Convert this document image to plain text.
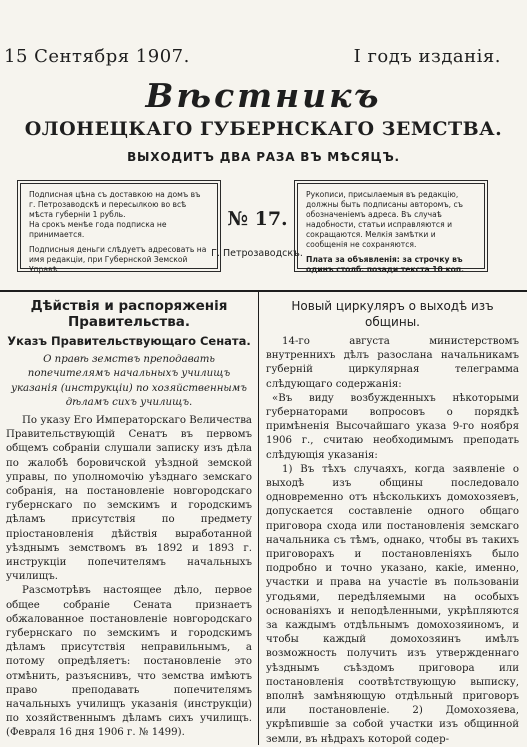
15 Сентября 1907.	I годъ изданія.
Вѣстникъ
ОЛОНЕЦКАГО ГУБЕРНСКАГО ЗЕМСТВА.
ВЫХОДИТЪ ДВА РАЗА ВЪ МѢСЯЦЪ.

Подписная цѣна съ доставкою на домъ въ г. Петрозаводскѣ и пересылкою во всѣ мѣста губерніи 1 рубль.

На срокъ менѣе года подписка не принимается.

Подписныя деньги слѣдуетъ адресовать на имя редакціи, при Губернской Земской Управѣ.

№ 17.
Г. Петрозаводскъ.

Рукописи, присылаемыя въ редакцію, должны быть подписаны авторомъ, съ обозначеніемъ адреса. Въ случаѣ надобности, статьи исправляются и сокращаются. Мелкія замѣтки и сообщенія не сохраняются.

Плата за объявленія: за строчку въ одинъ столб. позади текста 10 коп.

Дѣйствія и распоряженія Правительства.
Указъ Правительствующаго Сената.

О правѣ земствъ преподавать попечителямъ начальныхъ училищъ указанія (инструкціи) по хозяйственнымъ дѣламъ сихъ училищъ.

По указу Его Императорскаго Величества Правительствующій Сенатъ въ первомъ общемъ собраніи слушали записку изъ дѣла по жалобѣ боровичской уѣздной земской управы, по уполномочію уѣзднаго земскаго собранія, на постановленіе новгородскаго губернскаго по земскимъ и городскимъ дѣламъ присутствія по предмету пріостановленія дѣйствія выработанной уѣзднымъ земствомъ въ 1892 и 1893 г. инструкціи попечителямъ начальныхъ училищъ.

Разсмотрѣвъ настоящее дѣло, первое общее собраніе Сената признаетъ обжалованное постановленіе новгородскаго губернскаго по земскимъ и городскимъ дѣламъ присутствія неправильнымъ, а потому опредѣляетъ: постановленіе это отмѣнить, разъяснивъ, что земства имѣютъ право преподавать попечителямъ начальныхъ училищъ указанія (инструкціи) по хозяйственнымъ дѣламъ сихъ училищъ. (Февраля 16 дня 1906 г. № 1499).

Новый циркуляръ о выходѣ изъ общины.

14-го августа министерствомъ внутреннихъ дѣлъ разослана начальникамъ губерній циркулярная телеграмма слѣдующаго содержанія:

«Въ виду возбужденныхъ нѣкоторыми губернаторами вопросовъ о порядкѣ примѣненія Высочайшаго указа 9-го ноября 1906 г., считаю необходимымъ преподать слѣдующія указанія:

1) Въ тѣхъ случаяхъ, когда заявленіе о выходѣ изъ общины последовало одновременно отъ нѣсколькихъ домохозяевъ, допускается составленіе одного общаго приговора схода или постановленія земскаго начальника съ тѣмъ, однако, чтобы въ такихъ приговорахъ и постановленіяхъ было подробно и точно указано, какіе, именно, участки и права на участіе въ пользованіи угодьями, передѣляемыми на особыхъ основаніяхъ и неподѣленными, укрѣпляются за каждымъ отдѣльнымъ домохозяиномъ, и чтобы каждый домохозяинъ имѣлъ возможность получить изъ утвержденнаго уѣзднымъ съѣздомъ приговора или постановленія соотвѣтствующую выписку, вполнѣ замѣняющую отдѣльный приговоръ или постановленіе. 2) Домохозяева, укрѣпившіе за собой участки изъ общинной земли, въ нѣдрахъ которой содер-
